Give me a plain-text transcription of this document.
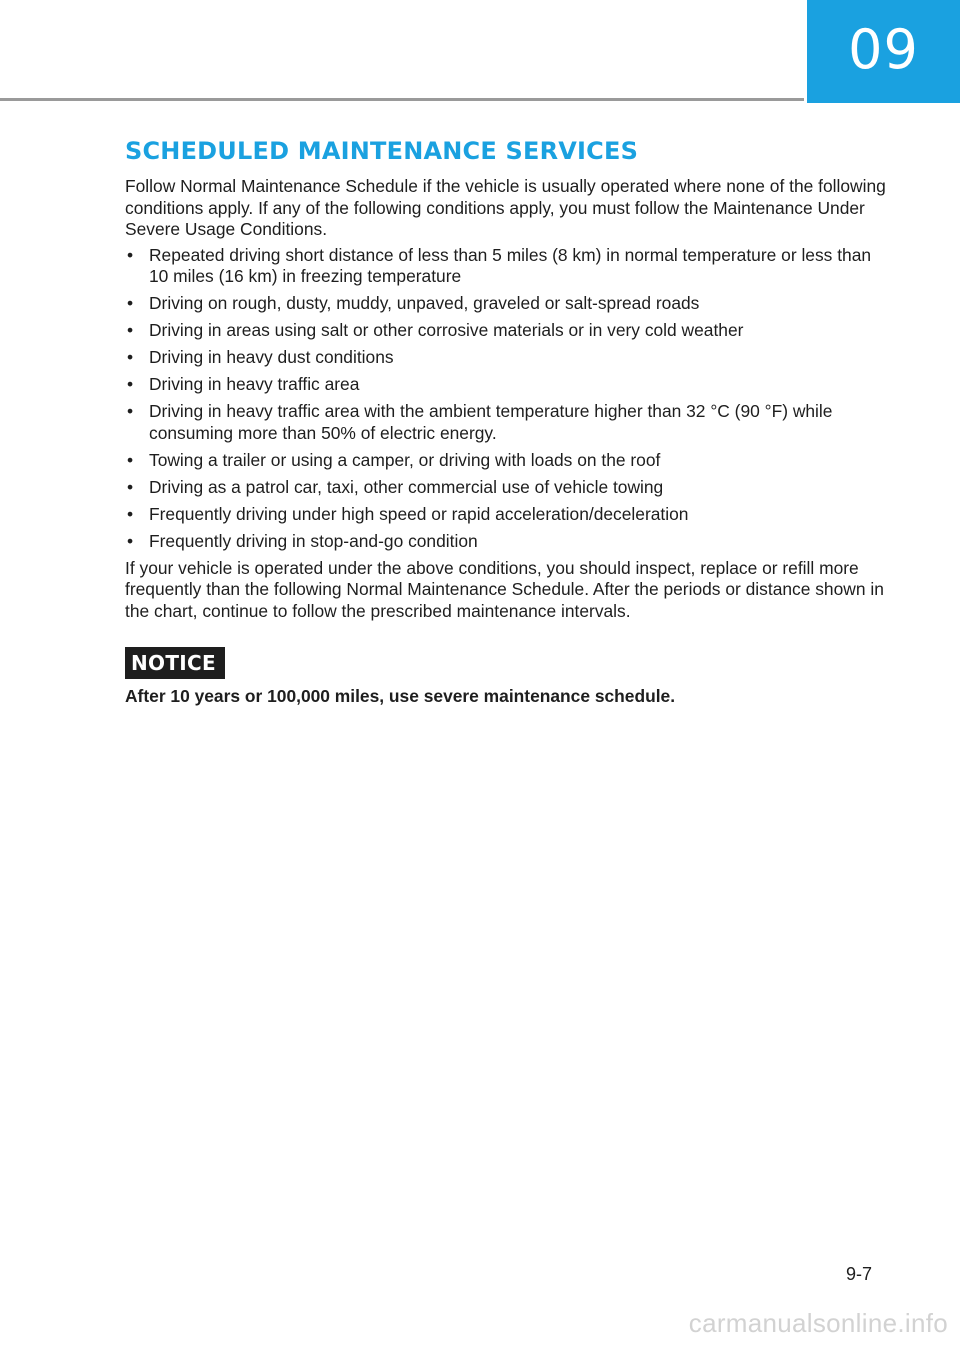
09
SCHEDULED MAINTENANCE SERVICES

Follow Normal Maintenance Schedule if the vehicle is usually operated where none of the following conditions apply. If any of the following conditions apply, you must follow the Maintenance Under Severe Usage Conditions.

• Repeated driving short distance of less than 5 miles (8 km) in normal temperature or less than 10 miles (16 km) in freezing temperature
• Driving on rough, dusty, muddy, unpaved, graveled or salt-spread roads
• Driving in areas using salt or other corrosive materials or in very cold weather
• Driving in heavy dust conditions
• Driving in heavy traffic area
• Driving in heavy traffic area with the ambient temperature higher than 32 °C (90 °F) while consuming more than 50% of electric energy.
• Towing a trailer or using a camper, or driving with loads on the roof
• Driving as a patrol car, taxi, other commercial use of vehicle towing
• Frequently driving under high speed or rapid acceleration/deceleration
• Frequently driving in stop-and-go condition

If your vehicle is operated under the above conditions, you should inspect, replace or refill more frequently than the following Normal Maintenance Schedule. After the periods or distance shown in the chart, continue to follow the prescribed maintenance intervals.

NOTICE

After 10 years or 100,000 miles, use severe maintenance schedule.

9-7
carmanualsonline.info
